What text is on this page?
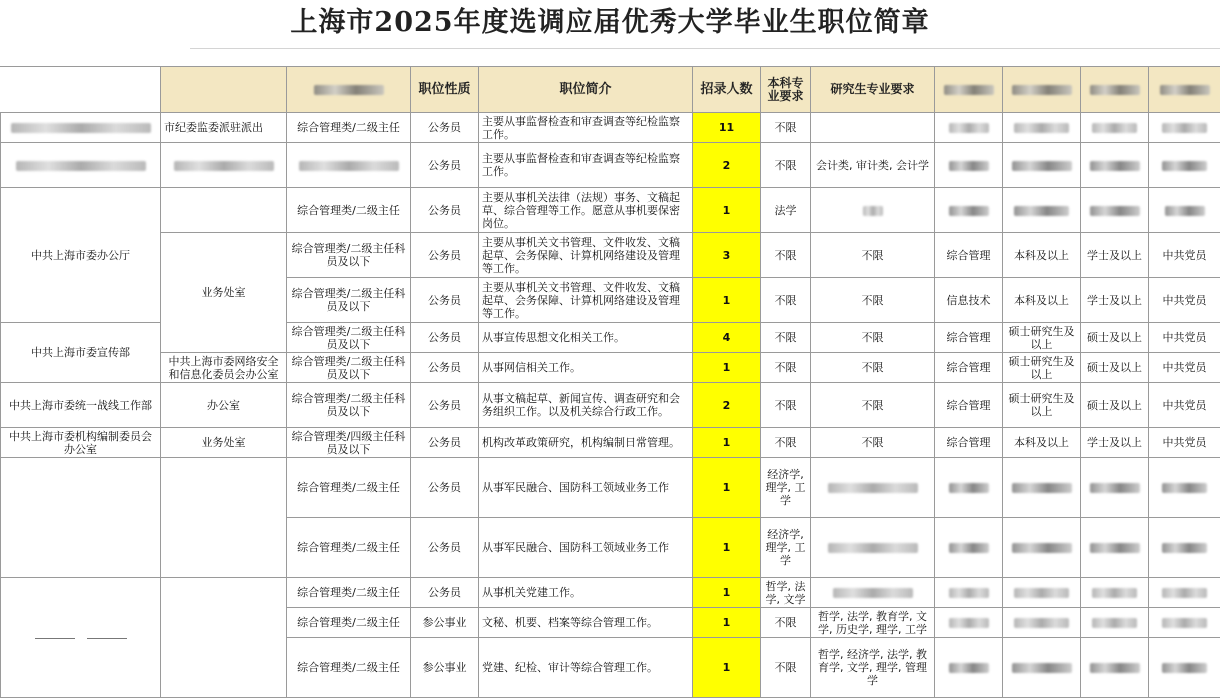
上海市2025年度选调应届优秀大学毕业生职位简章
			职位性质	职位简介	招录人数	本科专业要求	研究生专业要求				
	市纪委监委派驻派出	综合管理类/二级主任	公务员	主要从事监督检查和审查调查等纪检监察工作。	11	不限					
			公务员	主要从事监督检查和审查调查等纪检监察工作。	2	不限	会计类, 审计类, 会计学				
中共上海市委办公厅		综合管理类/二级主任	公务员	主要从事机关法律（法规）事务、文稿起草、综合管理等工作。愿意从事机要保密岗位。	1	法学					
	业务处室	综合管理类/二级主任科员及以下	公务员	主要从事机关文书管理、文件收发、文稿起草、会务保障、计算机网络建设及管理等工作。	3	不限	不限	综合管理	本科及以上	学士及以上	中共党员
		综合管理类/二级主任科员及以下	公务员	主要从事机关文书管理、文件收发、文稿起草、会务保障、计算机网络建设及管理等工作。	1	不限	不限	信息技术	本科及以上	学士及以上	中共党员
中共上海市委宣传部		综合管理类/二级主任科员及以下	公务员	从事宣传思想文化相关工作。	4	不限	不限	综合管理	硕士研究生及以上	硕士及以上	中共党员
	中共上海市委网络安全和信息化委员会办公室	综合管理类/二级主任科员及以下	公务员	从事网信相关工作。	1	不限	不限	综合管理	硕士研究生及以上	硕士及以上	中共党员
中共上海市委统一战线工作部	办公室	综合管理类/二级主任科员及以下	公务员	从事文稿起草、新闻宣传、调查研究和会务组织工作。以及机关综合行政工作。	2	不限	不限	综合管理	硕士研究生及以上	硕士及以上	中共党员
中共上海市委机构编制委员会办公室	业务处室	综合管理类/四级主任科员及以下	公务员	机构改革政策研究，机构编制日常管理。	1	不限	不限	综合管理	本科及以上	学士及以上	中共党员
		综合管理类/二级主任	公务员	从事军民融合、国防科工领域业务工作	1	经济学, 理学, 工学					
		综合管理类/二级主任	公务员	从事军民融合、国防科工领域业务工作	1	经济学, 理学, 工学					
		综合管理类/二级主任	公务员	从事机关党建工作。	1	哲学, 法学, 文学					
		综合管理类/二级主任	参公事业	文秘、机要、档案等综合管理工作。	1	不限	哲学, 法学, 教育学, 文学, 历史学, 理学, 工学				
		综合管理类/二级主任	参公事业	党建、纪检、审计等综合管理工作。	1	不限	哲学, 经济学, 法学, 教育学, 文学, 理学, 管理学				
